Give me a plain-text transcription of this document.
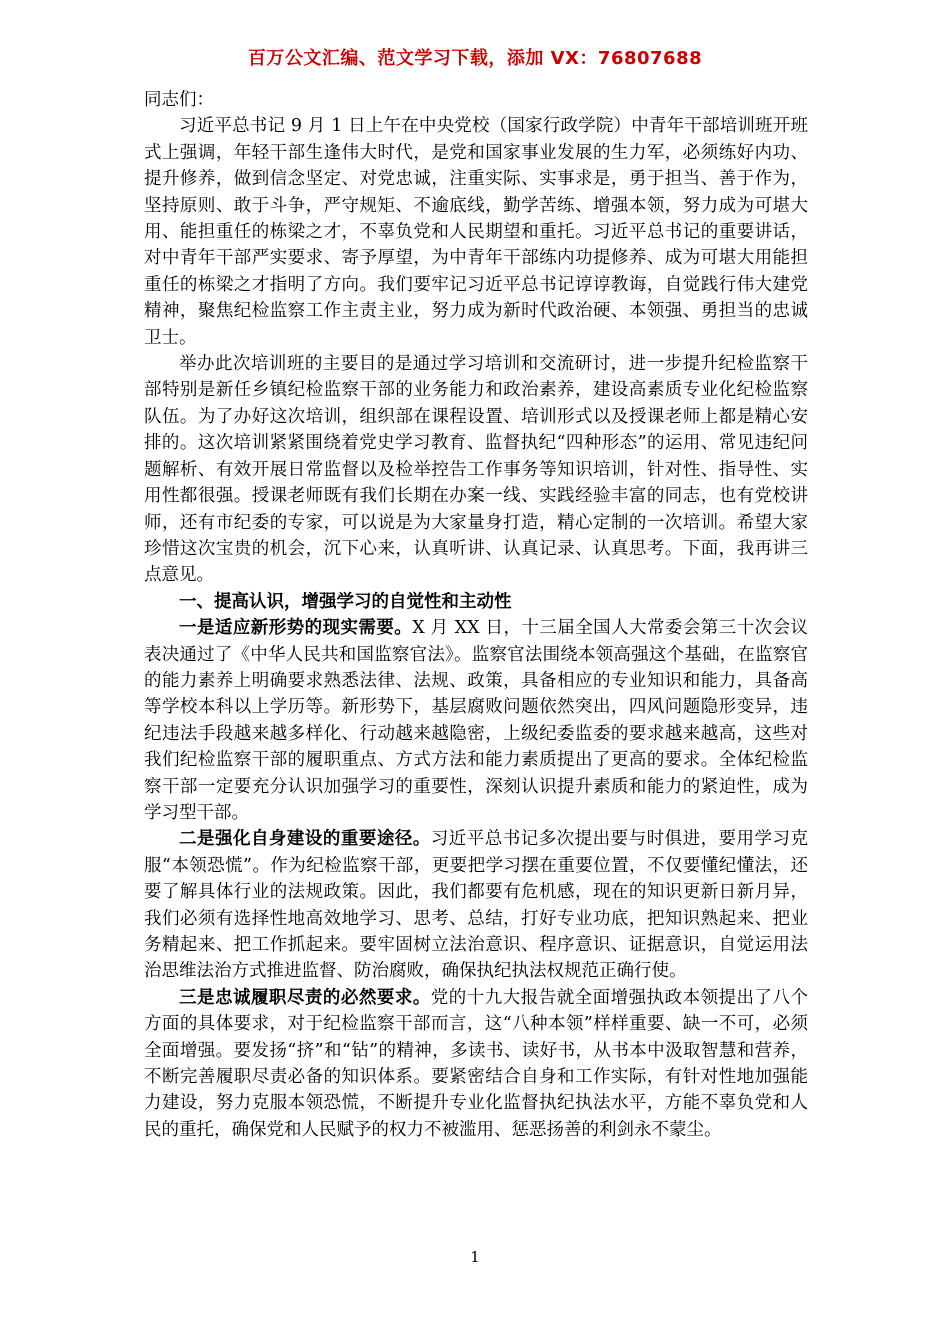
百万公文汇编、范文学习下载，添加 VX：76807688

同志们：

习近平总书记 9 月 1 日上午在中央党校（国家行政学院）中青年干部培训班开班式上强调，年轻干部生逢伟大时代，是党和国家事业发展的生力军，必须练好内功、提升修养，做到信念坚定、对党忠诚，注重实际、实事求是，勇于担当、善于作为，坚持原则、敢于斗争，严守规矩、不逾底线，勤学苦练、增强本领，努力成为可堪大用、能担重任的栋梁之才，不辜负党和人民期望和重托。习近平总书记的重要讲话，对中青年干部严实要求、寄予厚望，为中青年干部练内功提修养、成为可堪大用能担重任的栋梁之才指明了方向。我们要牢记习近平总书记谆谆教诲，自觉践行伟大建党精神，聚焦纪检监察工作主责主业，努力成为新时代政治硬、本领强、勇担当的忠诚卫士。

举办此次培训班的主要目的是通过学习培训和交流研讨，进一步提升纪检监察干部特别是新任乡镇纪检监察干部的业务能力和政治素养，建设高素质专业化纪检监察队伍。为了办好这次培训，组织部在课程设置、培训形式以及授课老师上都是精心安排的。这次培训紧紧围绕着党史学习教育、监督执纪“四种形态”的运用、常见违纪问题解析、有效开展日常监督以及检举控告工作事务等知识培训，针对性、指导性、实用性都很强。授课老师既有我们长期在办案一线、实践经验丰富的同志，也有党校讲师，还有市纪委的专家，可以说是为大家量身打造，精心定制的一次培训。希望大家珍惜这次宝贵的机会，沉下心来，认真听讲、认真记录、认真思考。下面，我再讲三点意见。

一、提高认识，增强学习的自觉性和主动性

一是适应新形势的现实需要。X 月 XX 日，十三届全国人大常委会第三十次会议表决通过了《中华人民共和国监察官法》。监察官法围绕本领高强这个基础，在监察官的能力素养上明确要求熟悉法律、法规、政策，具备相应的专业知识和能力，具备高等学校本科以上学历等。新形势下，基层腐败问题依然突出，四风问题隐形变异，违纪违法手段越来越多样化、行动越来越隐密，上级纪委监委的要求越来越高，这些对我们纪检监察干部的履职重点、方式方法和能力素质提出了更高的要求。全体纪检监察干部一定要充分认识加强学习的重要性，深刻认识提升素质和能力的紧迫性，成为学习型干部。

二是强化自身建设的重要途径。习近平总书记多次提出要与时俱进，要用学习克服“本领恐慌”。作为纪检监察干部，更要把学习摆在重要位置，不仅要懂纪懂法，还要了解具体行业的法规政策。因此，我们都要有危机感，现在的知识更新日新月异，我们必须有选择性地高效地学习、思考、总结，打好专业功底，把知识熟起来、把业务精起来、把工作抓起来。要牢固树立法治意识、程序意识、证据意识，自觉运用法治思维法治方式推进监督、防治腐败，确保执纪执法权规范正确行使。

三是忠诚履职尽责的必然要求。党的十九大报告就全面增强执政本领提出了八个方面的具体要求，对于纪检监察干部而言，这“八种本领”样样重要、缺一不可，必须全面增强。要发扬“挤”和“钻”的精神，多读书、读好书，从书本中汲取智慧和营养，不断完善履职尽责必备的知识体系。要紧密结合自身和工作实际，有针对性地加强能力建设，努力克服本领恐慌，不断提升专业化监督执纪执法水平，方能不辜负党和人民的重托，确保党和人民赋予的权力不被滥用、惩恶扬善的利剑永不蒙尘。

1
